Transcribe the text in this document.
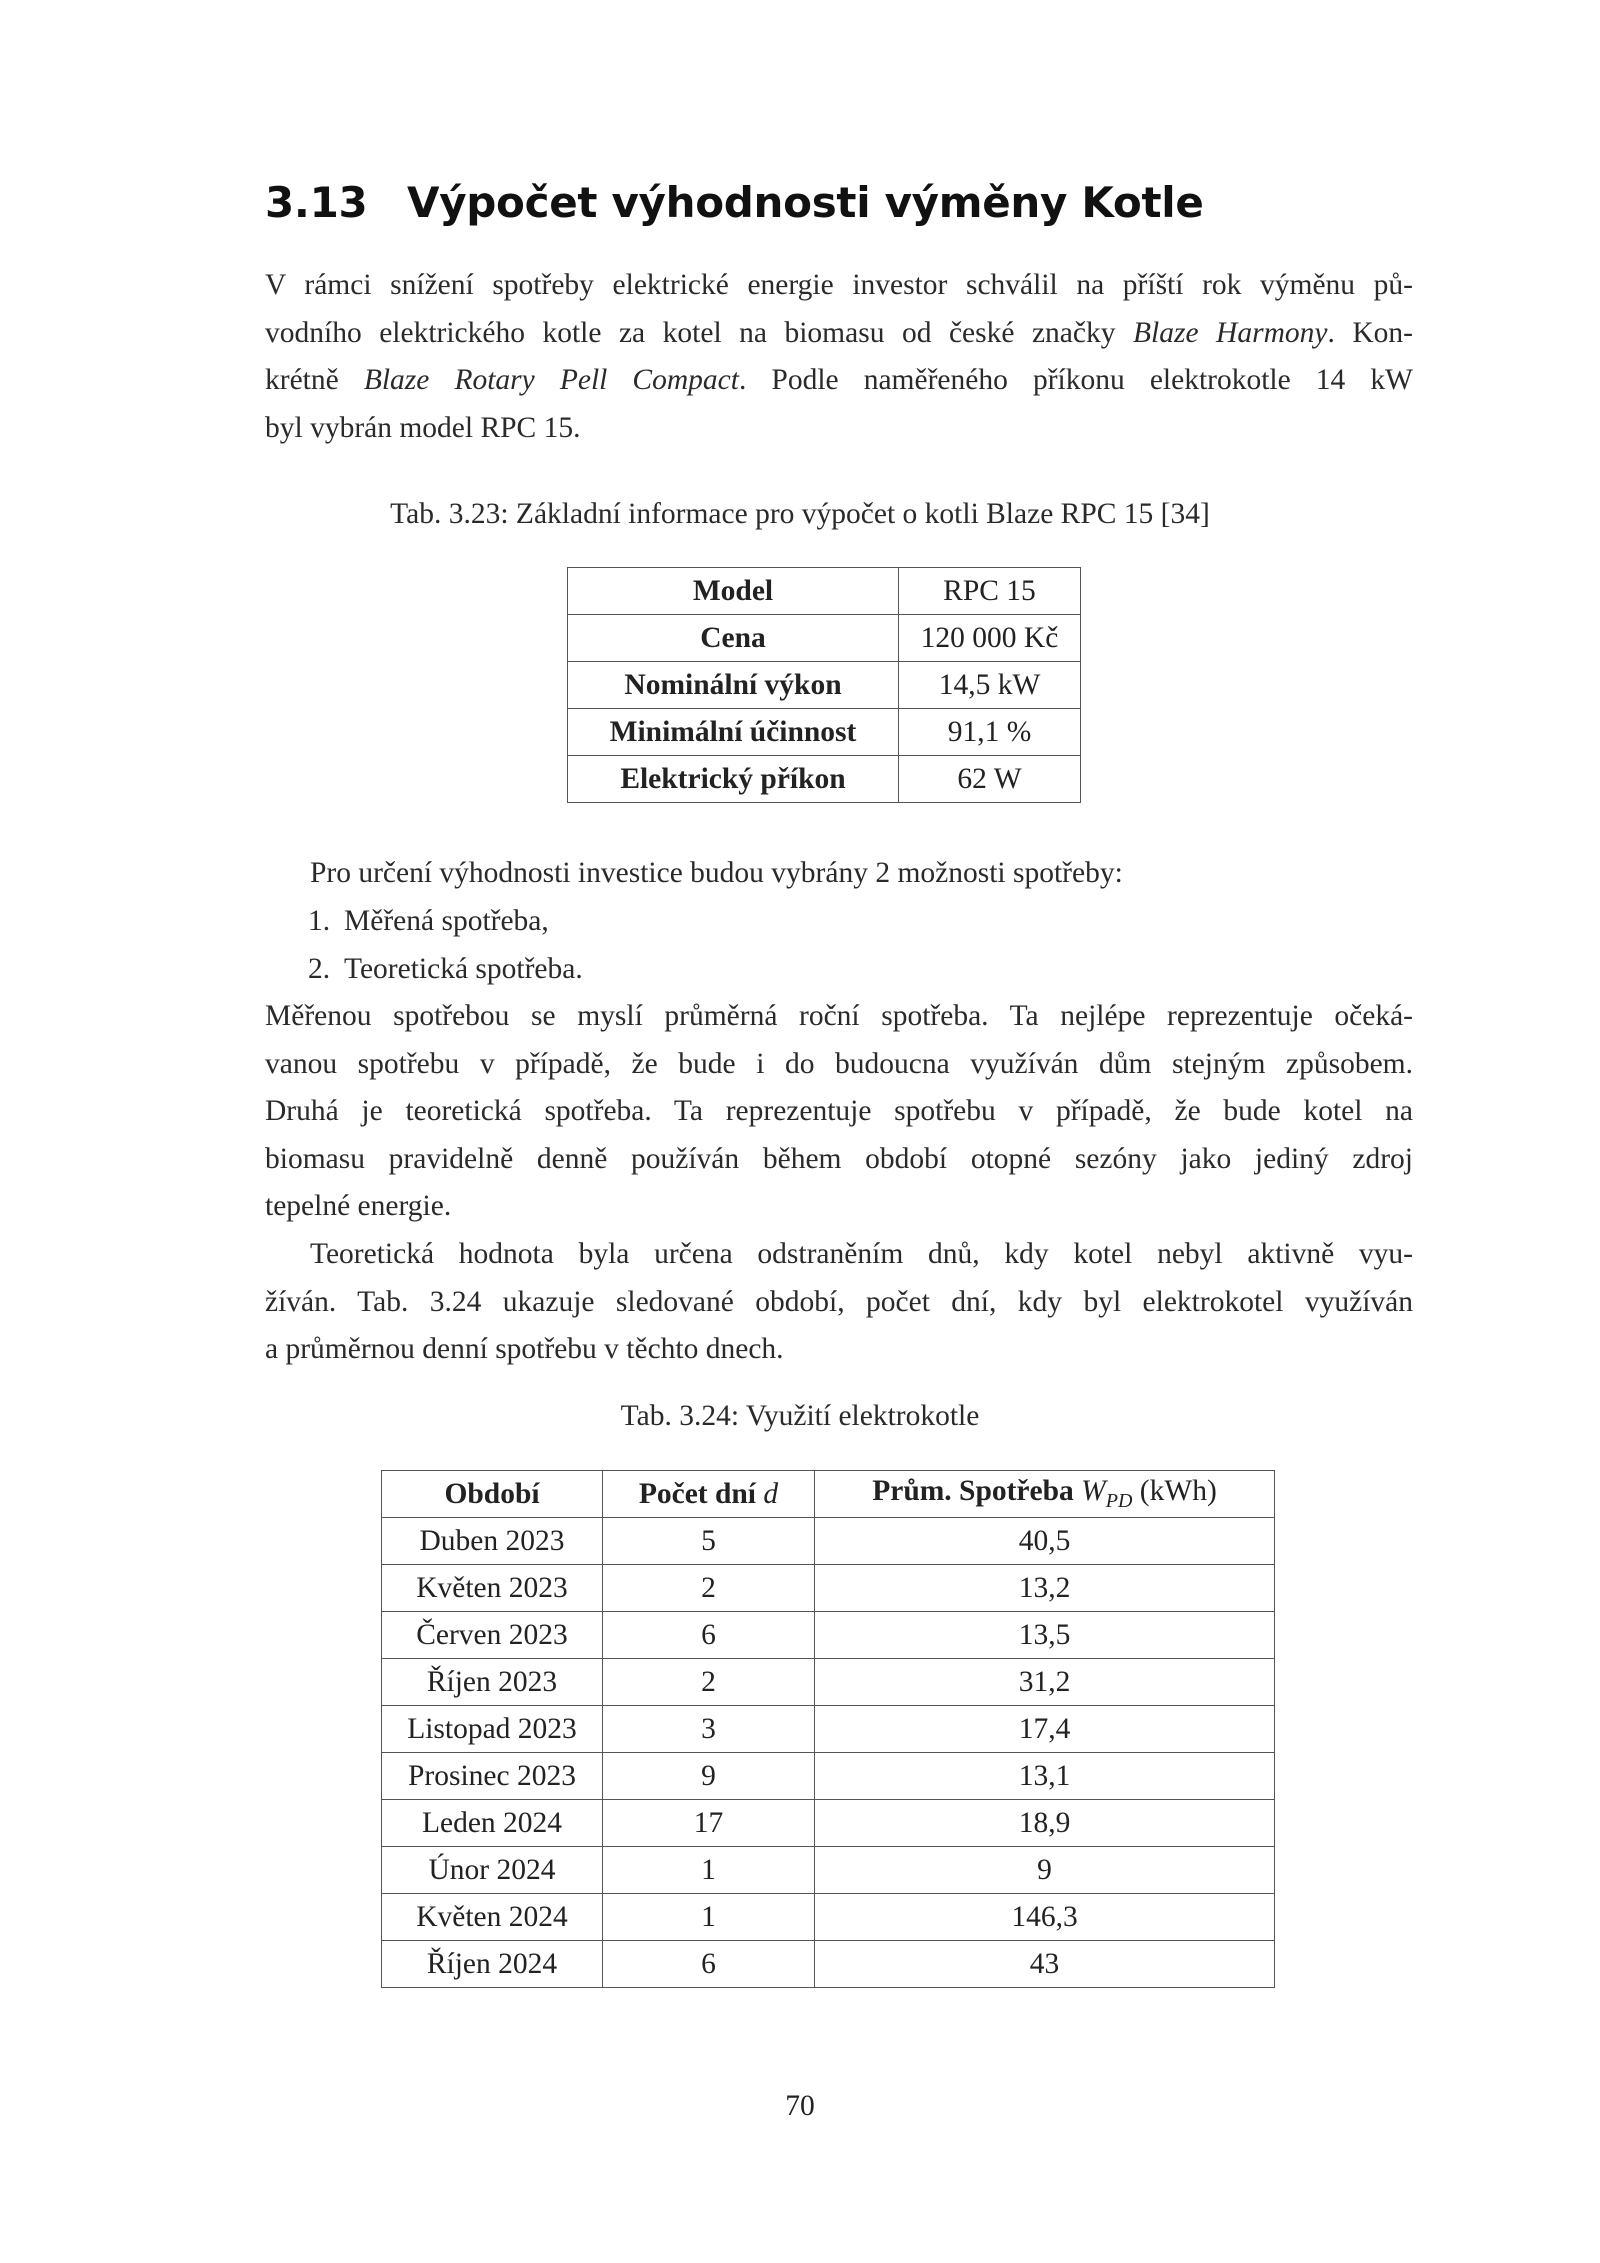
3.13 Výpočet výhodnosti výměny Kotle
V rámci snížení spotřeby elektrické energie investor schválil na příští rok výměnu pů-
vodního elektrického kotle za kotel na biomasu od české značky Blaze Harmony. Kon-
krétně Blaze Rotary Pell Compact. Podle naměřeného příkonu elektrokotle 14 kW
byl vybrán model RPC 15.
Tab. 3.23: Základní informace pro výpočet o kotli Blaze RPC 15 [34]
Model	RPC 15
Cena	120 000 Kč
Nominální výkon	14,5 kW
Minimální účinnost	91,1 %
Elektrický příkon	62 W
Pro určení výhodnosti investice budou vybrány 2 možnosti spotřeby:
1. Měřená spotřeba,
2. Teoretická spotřeba.
Měřenou spotřebou se myslí průměrná roční spotřeba. Ta nejlépe reprezentuje očeká-
vanou spotřebu v případě, že bude i do budoucna využíván dům stejným způsobem.
Druhá je teoretická spotřeba. Ta reprezentuje spotřebu v případě, že bude kotel na
biomasu pravidelně denně používán během období otopné sezóny jako jediný zdroj
tepelné energie.
Teoretická hodnota byla určena odstraněním dnů, kdy kotel nebyl aktivně vyu-
žíván. Tab. 3.24 ukazuje sledované období, počet dní, kdy byl elektrokotel využíván
a průměrnou denní spotřebu v těchto dnech.
Tab. 3.24: Využití elektrokotle
Období	Počet dní d	Prům. Spotřeba $W_{PD}$ (kWh)
Duben 2023	5	40,5
Květen 2023	2	13,2
Červen 2023	6	13,5
Říjen 2023	2	31,2
Listopad 2023	3	17,4
Prosinec 2023	9	13,1
Leden 2024	17	18,9
Únor 2024	1	9
Květen 2024	1	146,3
Říjen 2024	6	43
70
